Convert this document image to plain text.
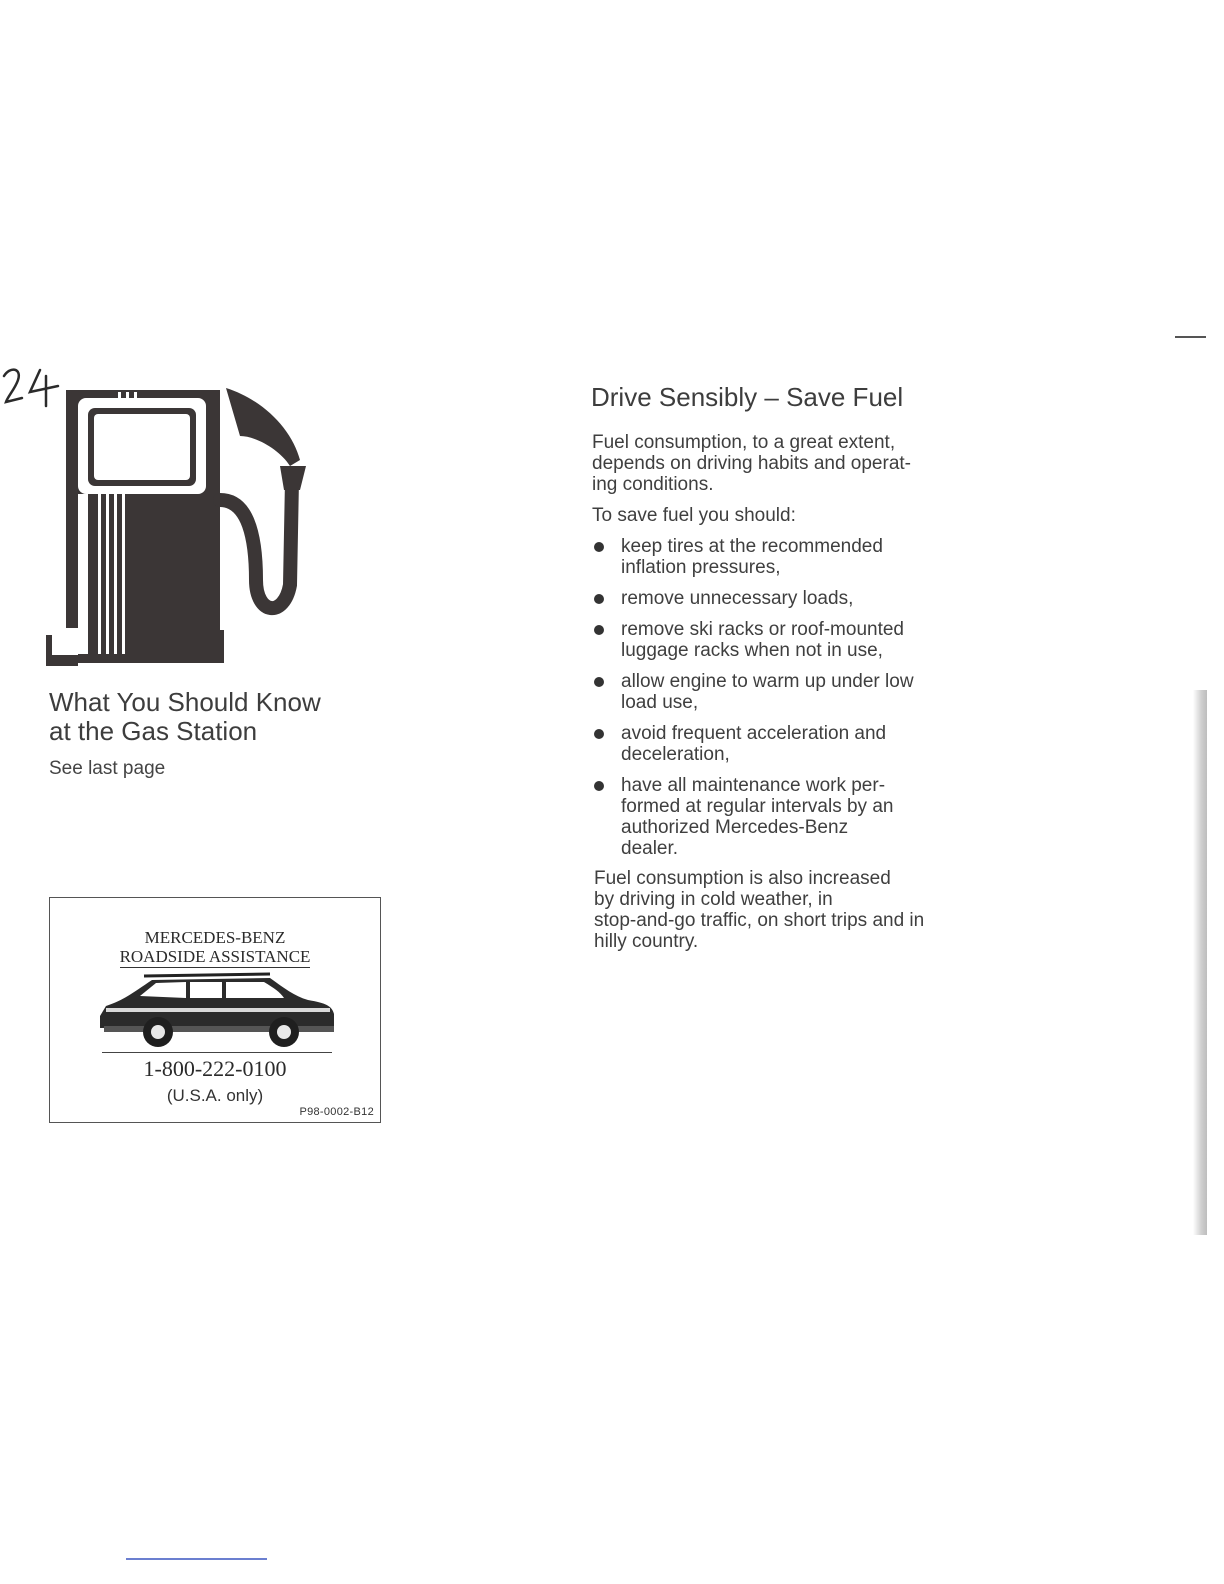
What You Should Know
at the Gas Station

See last page

MERCEDES-BENZ
ROADSIDE ASSISTANCE

1-800-222-0100

(U.S.A. only)

P98-0002-B12

Drive Sensibly – Save Fuel

Fuel consumption, to a great extent,
depends on driving habits and operat-
ing conditions.

To save fuel you should:

keep tires at the recommended
inflation pressures,
remove unnecessary loads,
remove ski racks or roof-mounted
luggage racks when not in use,
allow engine to warm up under low
load use,
avoid frequent acceleration and
deceleration,
have all maintenance work per-
formed at regular intervals by an
authorized Mercedes-Benz
dealer.

Fuel consumption is also increased
by driving in cold weather, in
stop-and-go traffic, on short trips and in
hilly country.
